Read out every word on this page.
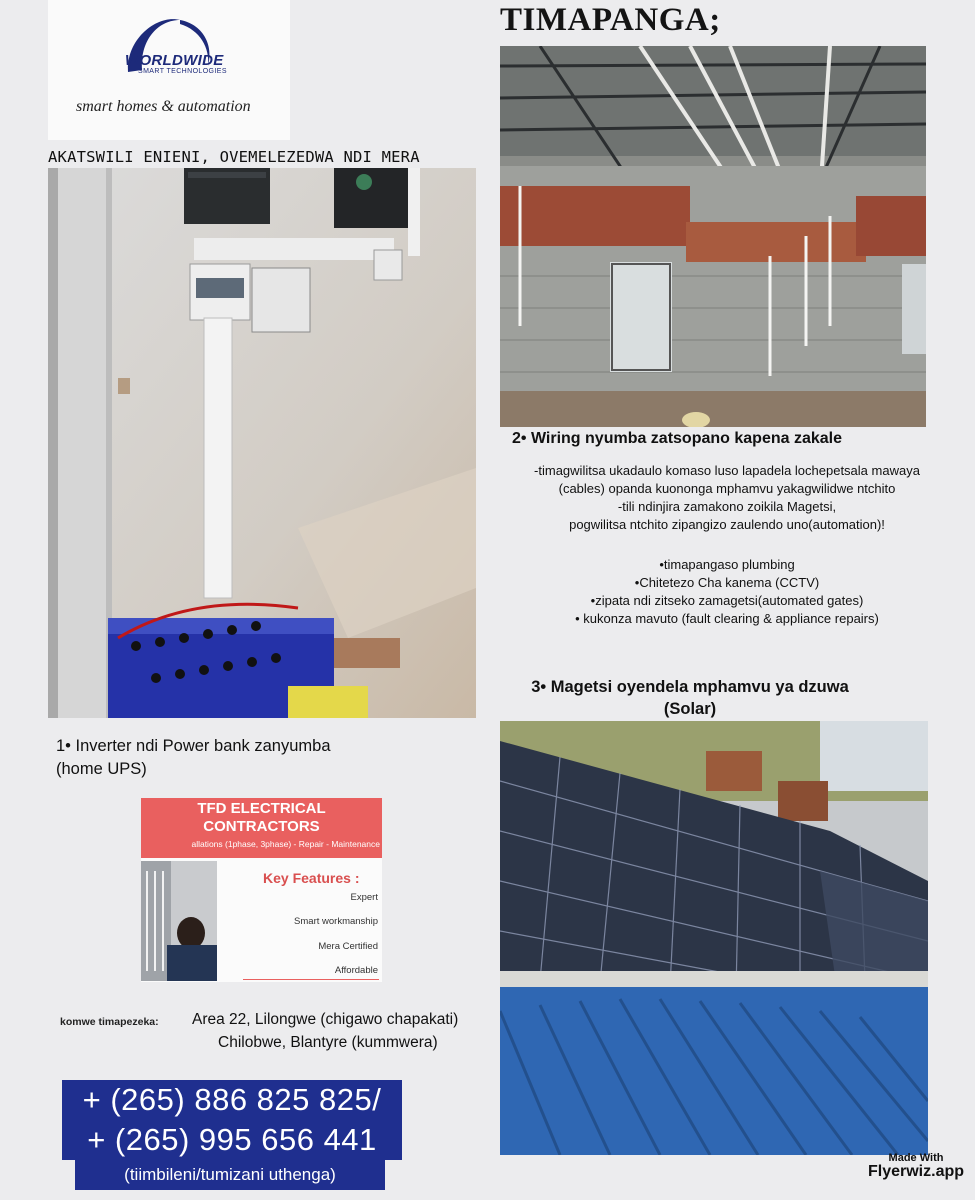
WORLDWIDE
SMART TECHNOLOGIES
smart homes & automation
TIMAPANGA;
AKATSWILI ENIENI, OVEMELEZEDWA NDI MERA
2• Wiring nyumba zatsopano kapena zakale
-timagwilitsa ukadaulo komaso luso lapadela lochepetsala mawaya
(cables) opanda kuononga mphamvu yakagwilidwe ntchito
-tili ndinjira zamakono zoikila Magetsi,
pogwilitsa ntchito zipangizo zaulendo uno(automation)!
•timapangaso plumbing
•Chitetezo Cha kanema (CCTV)
•zipata ndi zitseko zamagetsi(automated gates)
• kukonza mavuto (fault clearing & appliance repairs)
3• Magetsi oyendela mphamvu ya dzuwa
(Solar)
1• Inverter ndi Power bank zanyumba
(home UPS)
TFD ELECTRICAL
CONTRACTORS
allations (1phase, 3phase) - Repair - Maintenance
Key Features :
Expert
Smart workmanship
Mera Certified
Affordable
komwe timapezeka: Area 22, Lilongwe (chigawo chapakati)
Chilobwe, Blantyre (kummwera)
+ (265) 886 825 825/
+ (265) 995 656 441
(tiimbileni/tumizani uthenga)
Made With
Flyerwiz.app
